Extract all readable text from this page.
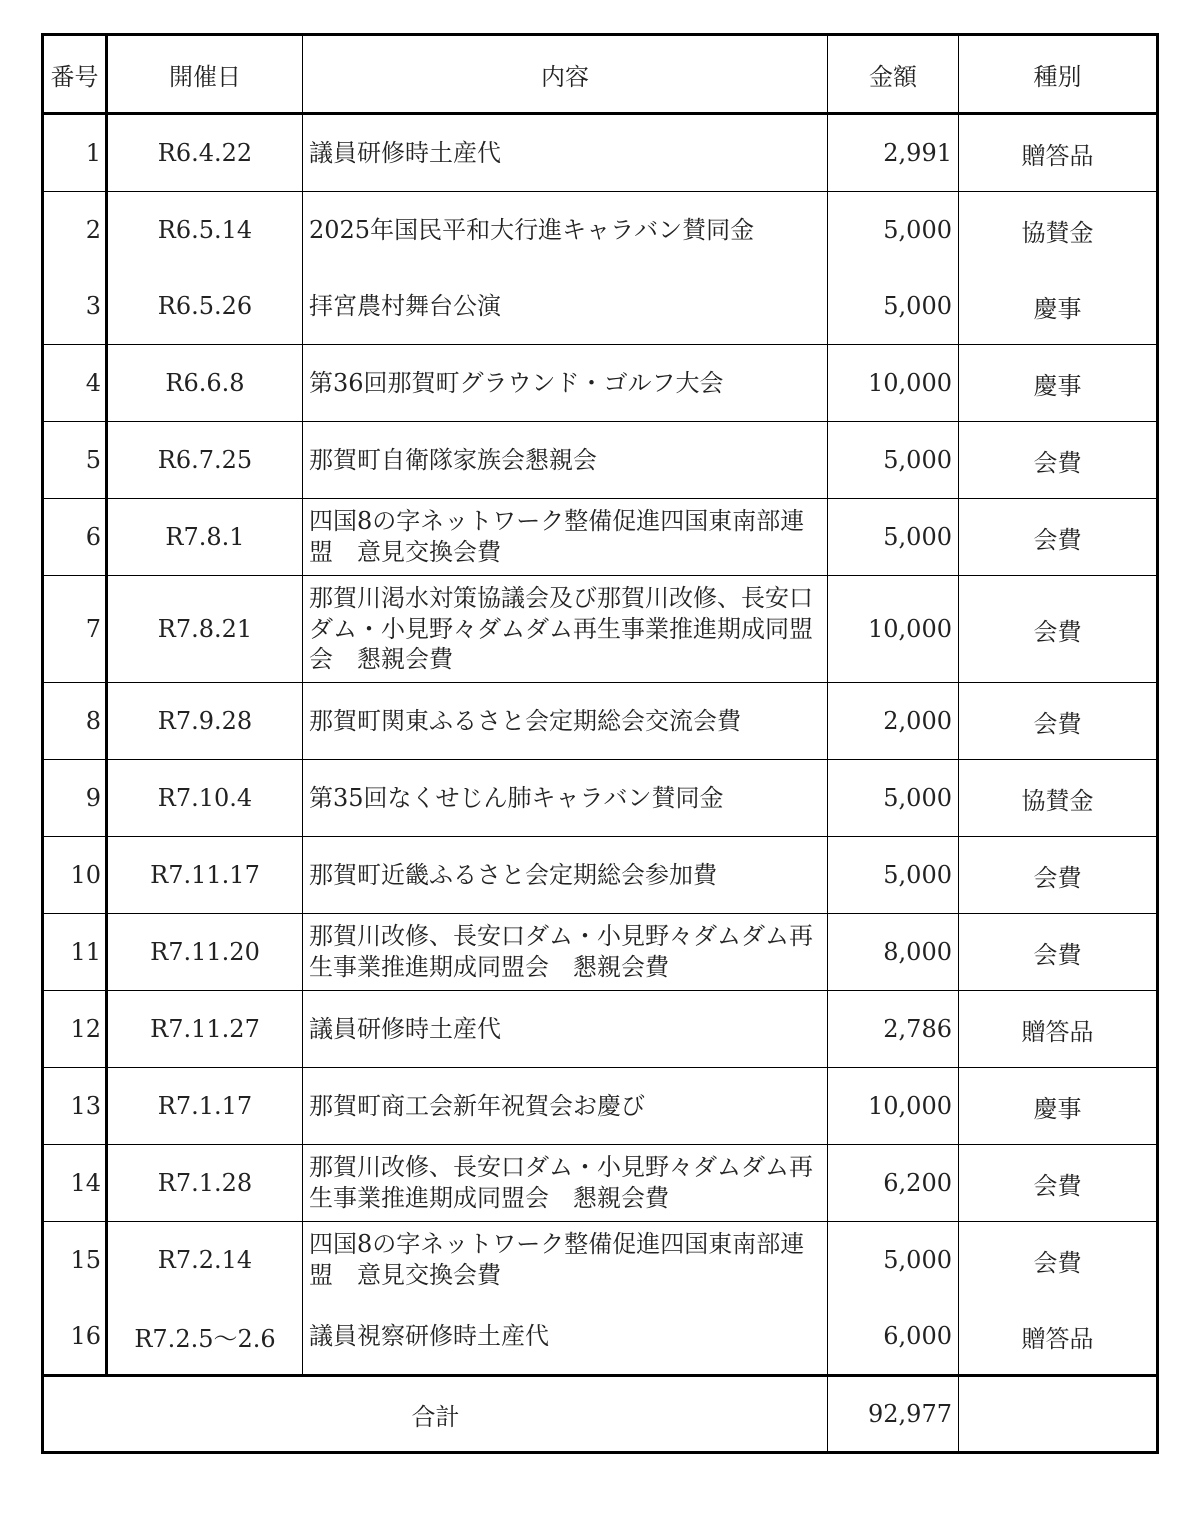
番号	開催日	内容	金額	種別
1	R6.4.22	議員研修時土産代	2,991	贈答品
2	R6.5.14	2025年国民平和大行進キャラバン賛同金	5,000	協賛金
3	R6.5.26	拝宮農村舞台公演	5,000	慶事
4	R6.6.8	第36回那賀町グラウンド・ゴルフ大会	10,000	慶事
5	R6.7.25	那賀町自衛隊家族会懇親会	5,000	会費
6	R7.8.1	四国8の字ネットワーク整備促進四国東南部連盟　意見交換会費	5,000	会費
7	R7.8.21	那賀川渇水対策協議会及び那賀川改修、長安口ダム・小見野々ダムダム再生事業推進期成同盟会　懇親会費	10,000	会費
8	R7.9.28	那賀町関東ふるさと会定期総会交流会費	2,000	会費
9	R7.10.4	第35回なくせじん肺キャラバン賛同金	5,000	協賛金
10	R7.11.17	那賀町近畿ふるさと会定期総会参加費	5,000	会費
11	R7.11.20	那賀川改修、長安口ダム・小見野々ダムダム再生事業推進期成同盟会　懇親会費	8,000	会費
12	R7.11.27	議員研修時土産代	2,786	贈答品
13	R7.1.17	那賀町商工会新年祝賀会お慶び	10,000	慶事
14	R7.1.28	那賀川改修、長安口ダム・小見野々ダムダム再生事業推進期成同盟会　懇親会費	6,200	会費
15	R7.2.14	四国8の字ネットワーク整備促進四国東南部連盟　意見交換会費	5,000	会費
16	R7.2.5～2.6	議員視察研修時土産代	6,000	贈答品
合計			92,977	
